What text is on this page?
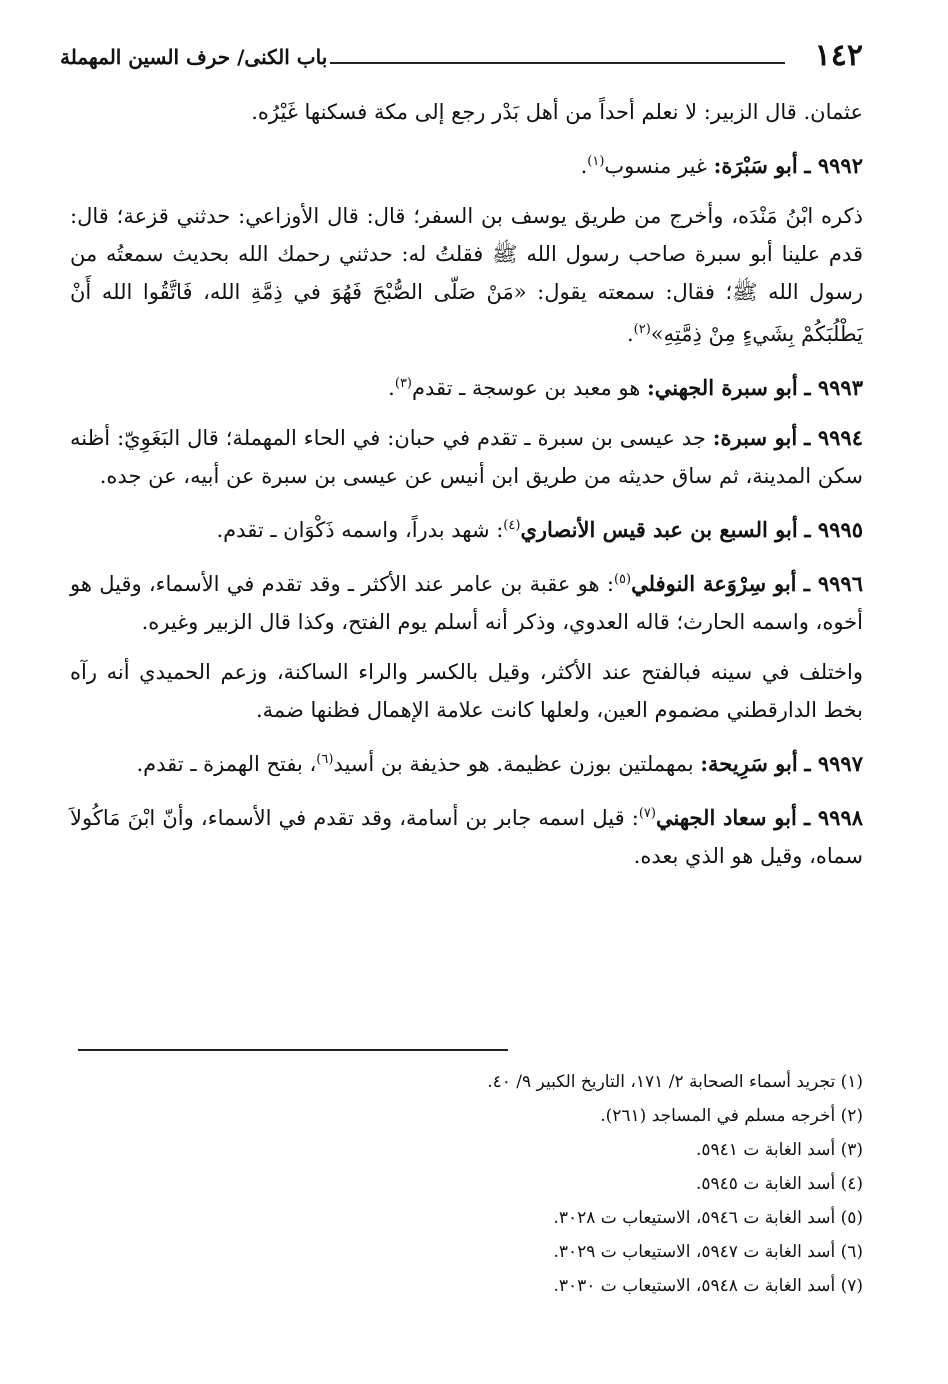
١٤٢
باب الكنى/ حرف السين المهملة

عثمان. قال الزبير: لا نعلم أحداً من أهل بَدْر رجع إلى مكة فسكنها غَيْرُه.

٩٩٩٢ ـ أبو سَبْرَة: غير منسوب$^{(١)}$.

ذكره ابْنُ مَنْدَه، وأخرج من طريق يوسف بن السفر؛ قال: قال الأوزاعي: حدثني قزعة؛ قال: قدم علينا أبو سبرة صاحب رسول الله ﷺ فقلتُ له: حدثني رحمك الله بحديث سمعتُه من رسول الله ﷺ؛ فقال: سمعته يقول: «مَنْ صَلّى الصُّبْحَ فَهُوَ في ذِمَّةِ الله، فَاتَّقُوا الله أَنْ يَطْلُبَكُمْ بِشَيءٍ مِنْ ذِمَّتِهِ»$^{(٢)}$.

٩٩٩٣ ـ أبو سبرة الجهني: هو معبد بن عوسجة ـ تقدم$^{(٣)}$.

٩٩٩٤ ـ أبو سبرة: جد عيسى بن سبرة ـ تقدم في حبان: في الحاء المهملة؛ قال البَغَوِيّ: أظنه سكن المدينة، ثم ساق حديثه من طريق ابن أنيس عن عيسى بن سبرة عن أبيه، عن جده.

٩٩٩٥ ـ أبو السبع بن عبد قيس الأنصاري$^{(٤)}$: شهد بدراً، واسمه ذَكْوَان ـ تقدم.

٩٩٩٦ ـ أبو سِرْوَعة النوفلي$^{(٥)}$: هو عقبة بن عامر عند الأكثر ـ وقد تقدم في الأسماء، وقيل هو أخوه، واسمه الحارث؛ قاله العدوي، وذكر أنه أسلم يوم الفتح، وكذا قال الزبير وغيره.

واختلف في سينه فبالفتح عند الأكثر، وقيل بالكسر والراء الساكنة، وزعم الحميدي أنه رآه بخط الدارقطني مضموم العين، ولعلها كانت علامة الإهمال فظنها ضمة.

٩٩٩٧ ـ أبو سَرِيحة: بمهملتين بوزن عظيمة. هو حذيفة بن أسيد$^{(٦)}$، بفتح الهمزة ـ تقدم.

٩٩٩٨ ـ أبو سعاد الجهني$^{(٧)}$: قيل اسمه جابر بن أسامة، وقد تقدم في الأسماء، وأنّ ابْنَ مَاكُولاَ سماه، وقيل هو الذي بعده.

(١) تجريد أسماء الصحابة ٢/ ١٧١، التاريخ الكبير ٩/ ٤٠.

(٢) أخرجه مسلم في المساجد (٢٦١).

(٣) أسد الغابة ت ٥٩٤١.

(٤) أسد الغابة ت ٥٩٤٥.

(٥) أسد الغابة ت ٥٩٤٦، الاستيعاب ت ٣٠٢٨.

(٦) أسد الغابة ت ٥٩٤٧، الاستيعاب ت ٣٠٢٩.

(٧) أسد الغابة ت ٥٩٤٨، الاستيعاب ت ٣٠٣٠.
